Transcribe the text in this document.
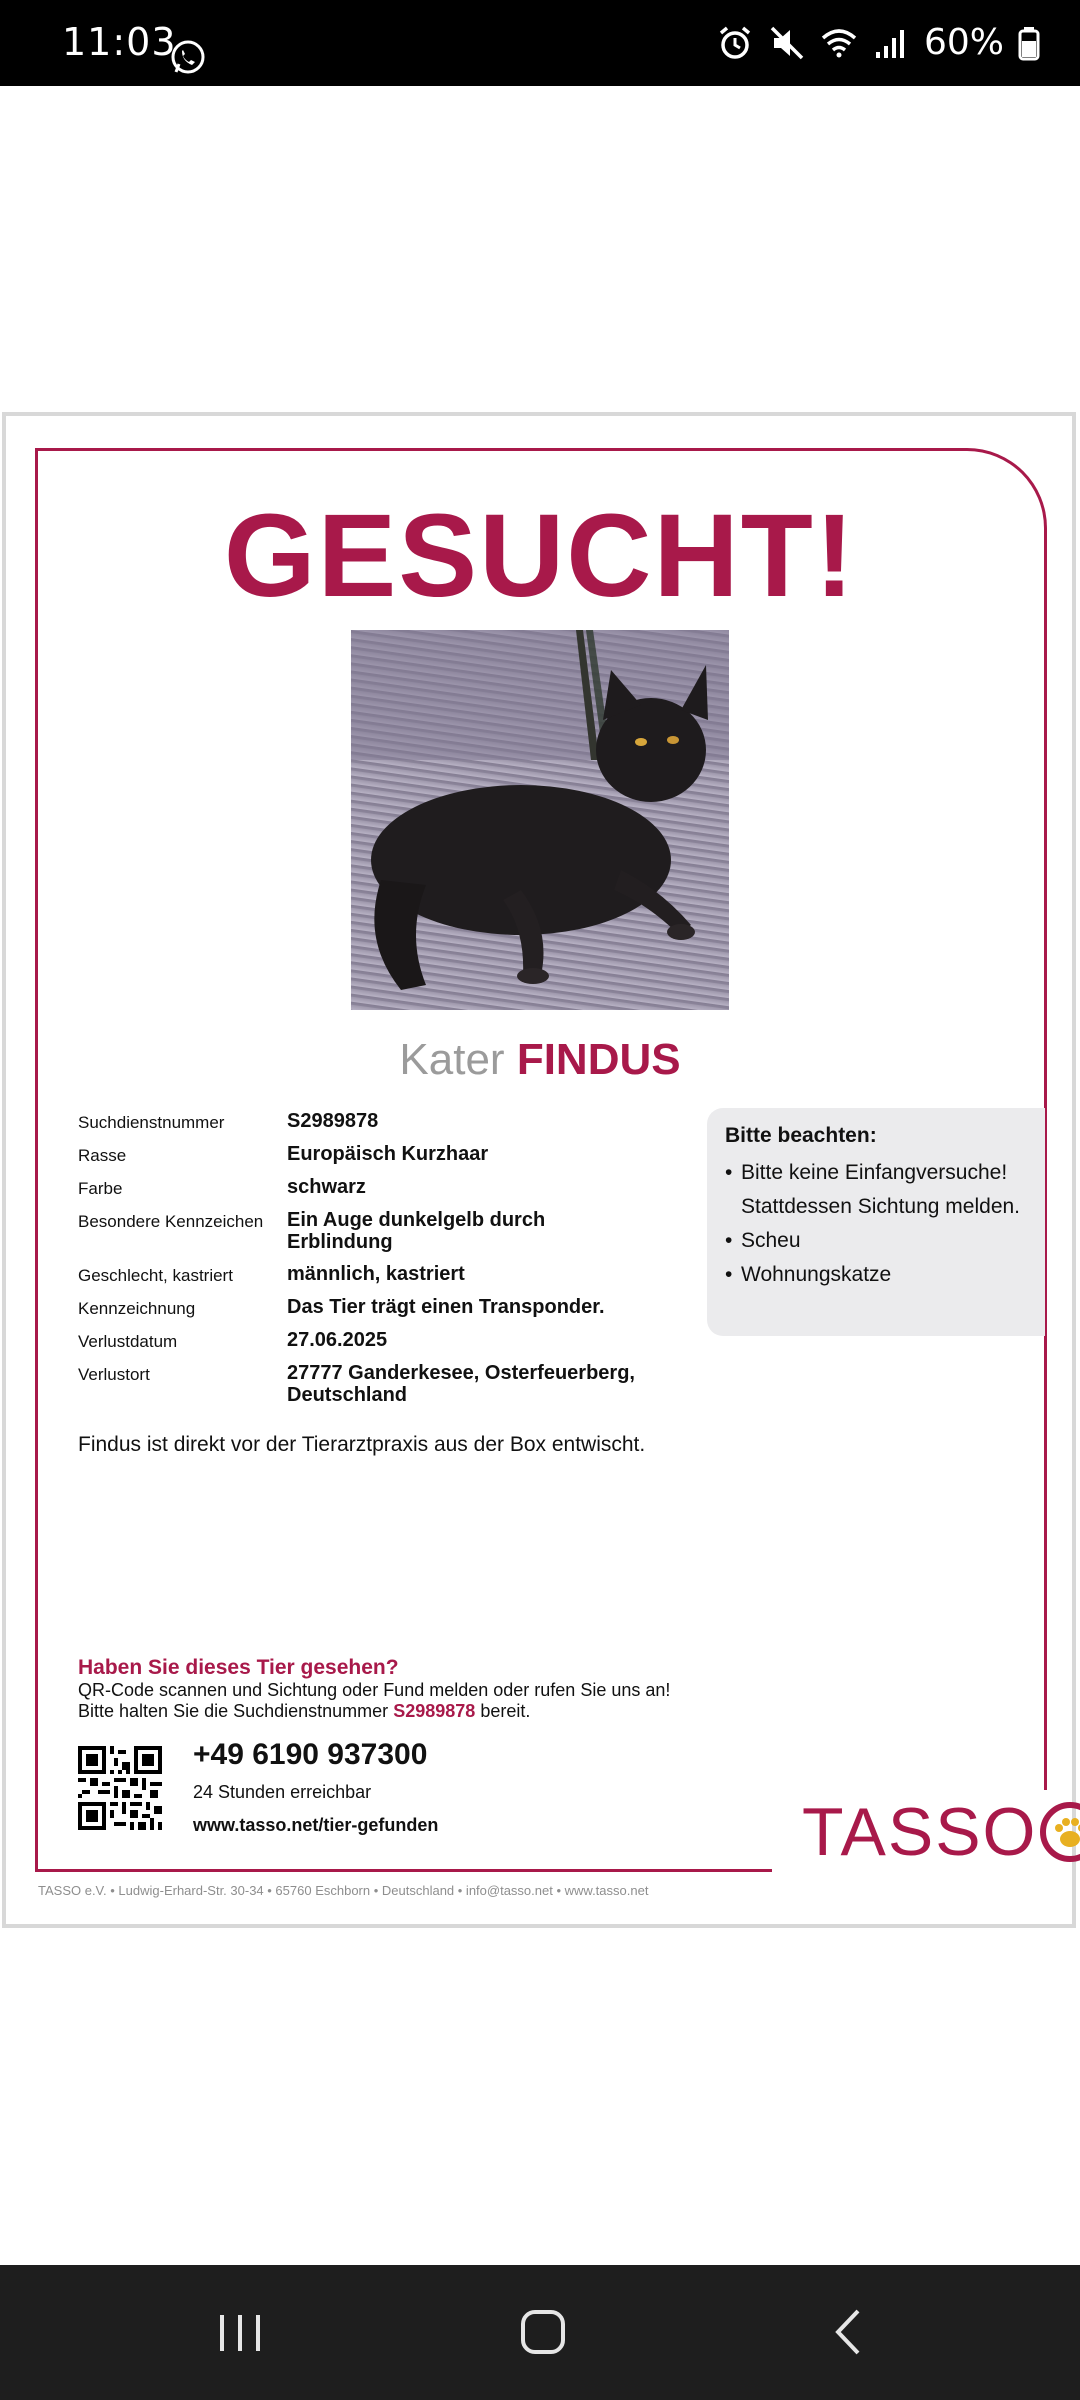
11:03	60%
GESUCHT!
Kater FINDUS
Suchdienstnummer	S2989878
Rasse	Europäisch Kurzhaar
Farbe	schwarz
Besondere Kennzeichen	Ein Auge dunkelgelb durch Erblindung
Geschlecht, kastriert	männlich, kastriert
Kennzeichnung	Das Tier trägt einen Transponder.
Verlustdatum	27.06.2025
Verlustort	27777 Ganderkesee, Osterfeuerberg, Deutschland
Bitte beachten:
• Bitte keine Einfangversuche! Stattdessen Sichtung melden.
• Scheu
• Wohnungskatze
Findus ist direkt vor der Tierarztpraxis aus der Box entwischt.
Haben Sie dieses Tier gesehen?
QR-Code scannen und Sichtung oder Fund melden oder rufen Sie uns an!
Bitte halten Sie die Suchdienstnummer S2989878 bereit.
+49 6190 937300
24 Stunden erreichbar
www.tasso.net/tier-gefunden	TASSO
TASSO e.V. • Ludwig-Erhard-Str. 30-34 • 65760 Eschborn • Deutschland • info@tasso.net • www.tasso.net
